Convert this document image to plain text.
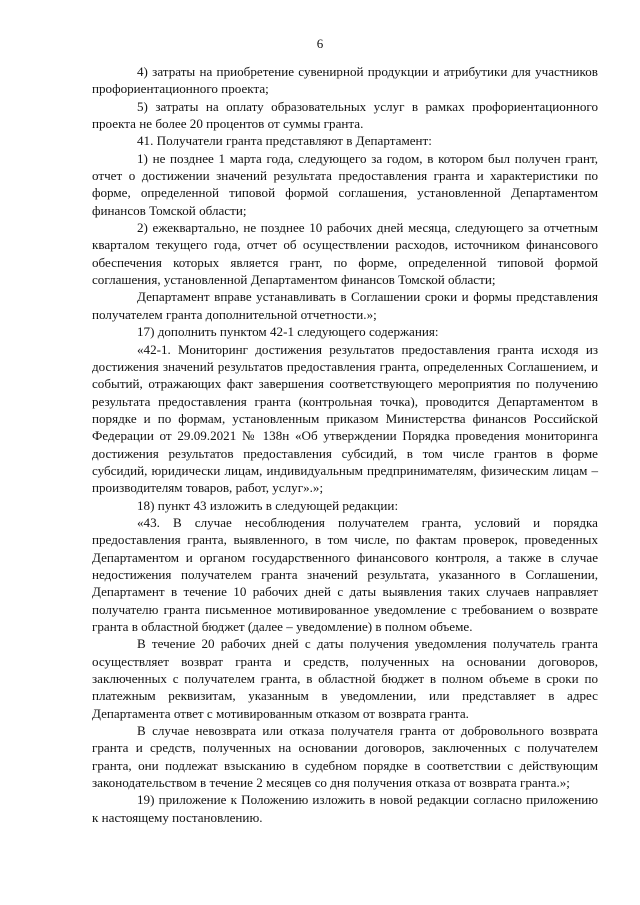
6

4) затраты на приобретение сувенирной продукции и атрибутики для участников профориентационного проекта;

5) затраты на оплату образовательных услуг в рамках профориентационного проекта не более 20 процентов от суммы гранта.

41. Получатели гранта представляют в Департамент:

1) не позднее 1 марта года, следующего за годом, в котором был получен грант, отчет о достижении значений результата предоставления гранта и характеристики по форме, определенной типовой формой соглашения, установленной Департаментом финансов Томской области;

2) ежеквартально, не позднее 10 рабочих дней месяца, следующего за отчетным кварталом текущего года, отчет об осуществлении расходов, источником финансового обеспечения которых является грант, по форме, определенной типовой формой соглашения, установленной Департаментом финансов Томской области;

Департамент вправе устанавливать в Соглашении сроки и формы представления получателем гранта дополнительной отчетности.»;

17) дополнить пунктом 42-1 следующего содержания:

«42-1. Мониторинг достижения результатов предоставления гранта исходя из достижения значений результатов предоставления гранта, определенных Соглашением, и событий, отражающих факт завершения соответствующего мероприятия по получению результата предоставления гранта (контрольная точка), проводится Департаментом в порядке и по формам, установленным приказом Министерства финансов Российской Федерации от 29.09.2021 № 138н «Об утверждении Порядка проведения мониторинга достижения результатов предоставления субсидий, в том числе грантов в форме субсидий, юридически лицам, индивидуальным предпринимателям, физическим лицам – производителям товаров, работ, услуг».»;

18) пункт 43 изложить в следующей редакции:

«43. В случае несоблюдения получателем гранта, условий и порядка предоставления гранта, выявленного, в том числе, по фактам проверок, проведенных Департаментом и органом государственного финансового контроля, а также в случае недостижения получателем гранта значений результата, указанного в Соглашении, Департамент в течение 10 рабочих дней с даты выявления таких случаев направляет получателю гранта письменное мотивированное уведомление с требованием о возврате гранта в областной бюджет (далее – уведомление) в полном объеме.

В течение 20 рабочих дней с даты получения уведомления получатель гранта осуществляет возврат гранта и средств, полученных на основании договоров, заключенных с получателем гранта, в областной бюджет в полном объеме в сроки по платежным реквизитам, указанным в уведомлении, или представляет в адрес Департамента ответ с мотивированным отказом от возврата гранта.

В случае невозврата или отказа получателя гранта от добровольного возврата гранта и средств, полученных на основании договоров, заключенных с получателем гранта, они подлежат взысканию в судебном порядке в соответствии с действующим законодательством в течение 2 месяцев со дня получения отказа от возврата гранта.»;

19) приложение к Положению изложить в новой редакции согласно приложению к настоящему постановлению.
